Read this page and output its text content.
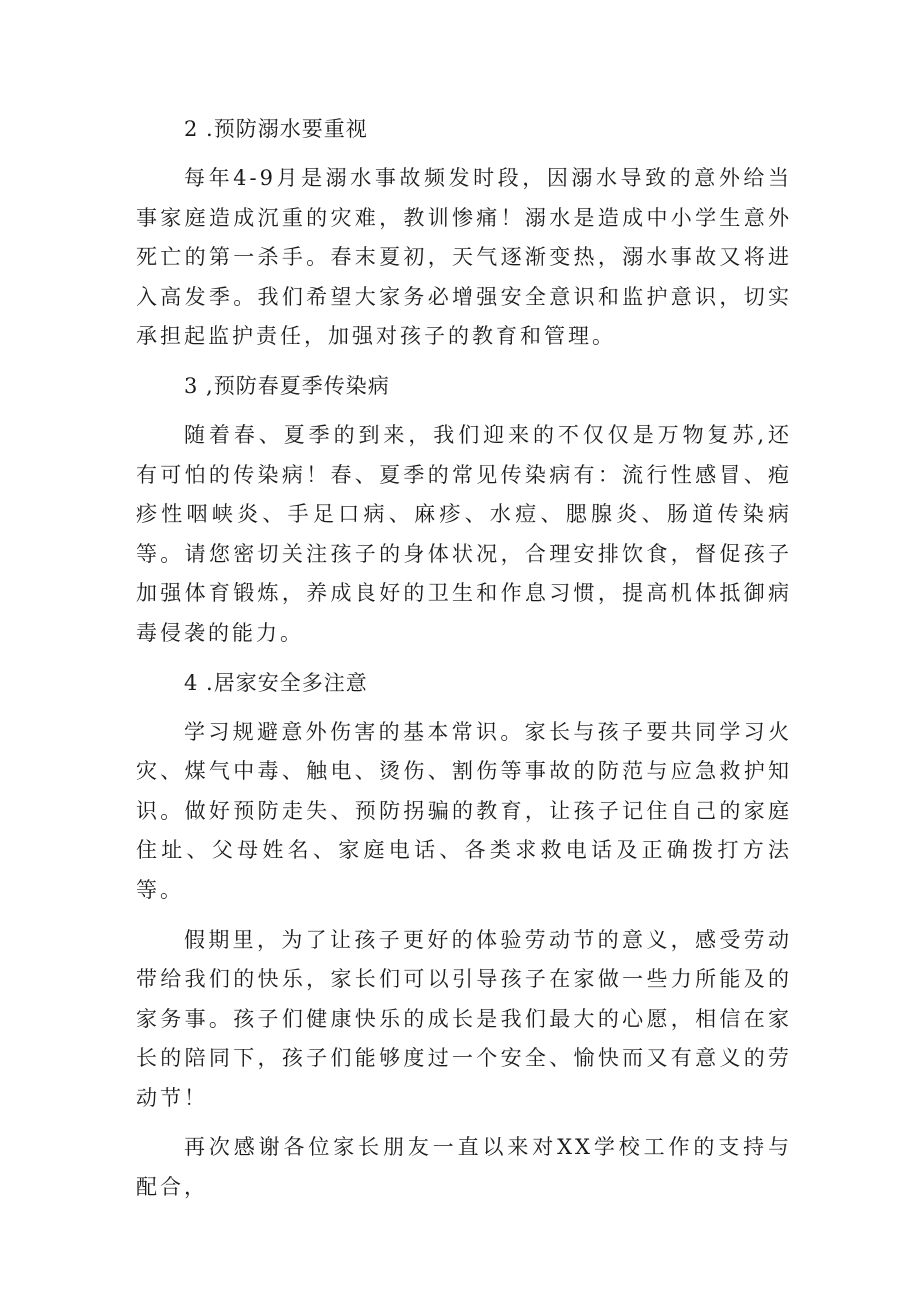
2 .预防溺水要重视

每年4-9月是溺水事故频发时段，因溺水导致的意外给当事家庭造成沉重的灾难，教训惨痛！溺水是造成中小学生意外死亡的第一杀手。春末夏初，天气逐渐变热，溺水事故又将进入高发季。我们希望大家务必增强安全意识和监护意识，切实承担起监护责任，加强对孩子的教育和管理。

3 ,预防春夏季传染病

随着春、夏季的到来，我们迎来的不仅仅是万物复苏,还有可怕的传染病！春、夏季的常见传染病有：流行性感冒、疱疹性咽峡炎、手足口病、麻疹、水痘、腮腺炎、肠道传染病等。请您密切关注孩子的身体状况，合理安排饮食，督促孩子加强体育锻炼，养成良好的卫生和作息习惯，提高机体抵御病毒侵袭的能力。

4 .居家安全多注意

学习规避意外伤害的基本常识。家长与孩子要共同学习火灾、煤气中毒、触电、烫伤、割伤等事故的防范与应急救护知识。做好预防走失、预防拐骗的教育，让孩子记住自己的家庭住址、父母姓名、家庭电话、各类求救电话及正确拨打方法等。

假期里，为了让孩子更好的体验劳动节的意义，感受劳动带给我们的快乐，家长们可以引导孩子在家做一些力所能及的家务事。孩子们健康快乐的成长是我们最大的心愿，相信在家长的陪同下，孩子们能够度过一个安全、愉快而又有意义的劳动节！

再次感谢各位家长朋友一直以来对XX学校工作的支持与配合，
